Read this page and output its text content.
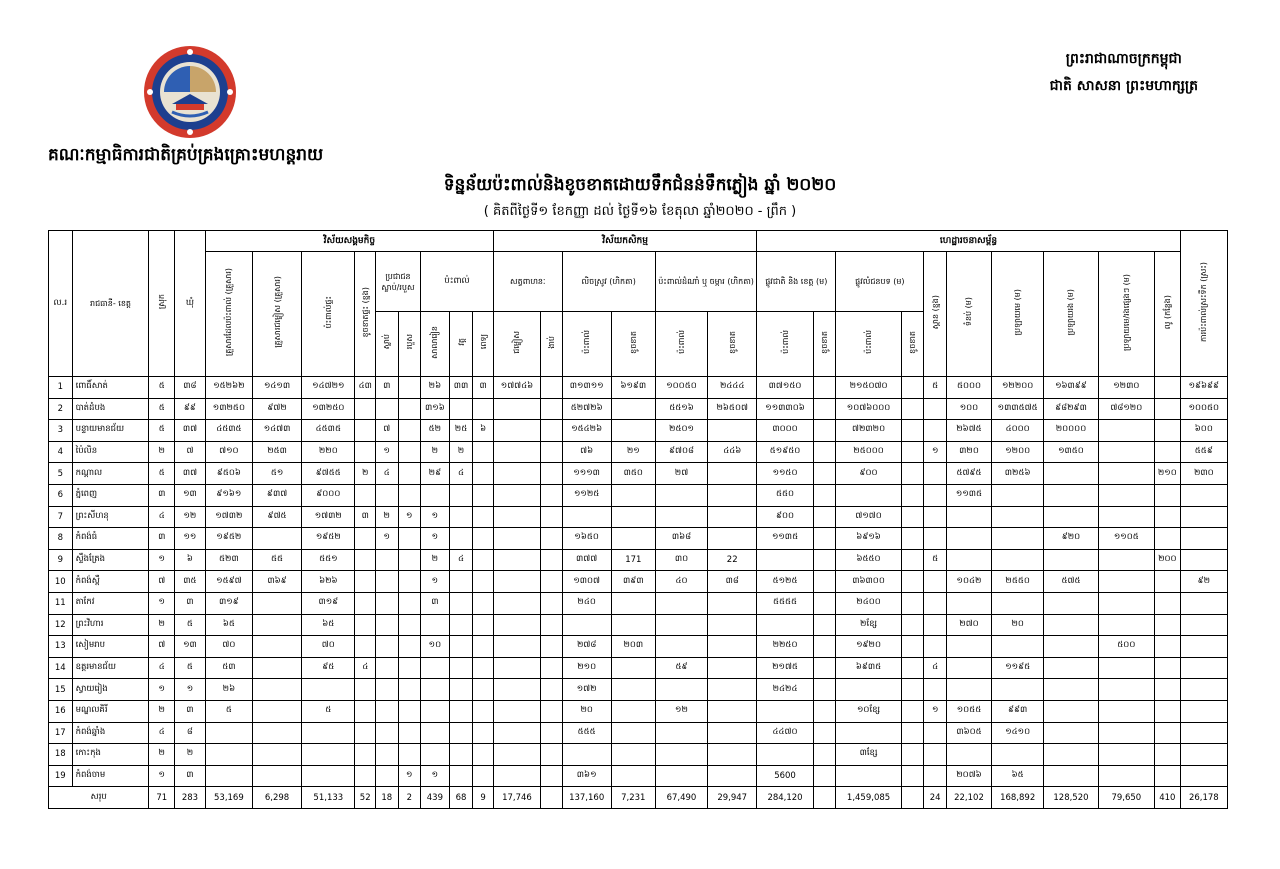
គណៈកម្មាធិការជាតិគ្រប់គ្រងគ្រោះមហន្តរាយ
ព្រះរាជាណាចក្រកម្ពុជា
ជាតិ សាសនា ព្រះមហាក្សត្រ
ទិន្នន័យប៉ះពាល់និងខូចខាតដោយទឹកជំនន់ទឹកភ្លៀង ឆ្នាំ ២០២០
( គិតពីថ្ងៃទី១ ខែកញ្ញា ដល់ ថ្ងៃទី១៦ ខែតុលា ឆ្នាំ២០២០ - ព្រឹក )
ល.រ	រាជធានី- ខេត្ត	ស្រុក	ឃុំ	វិស័យសង្គមកិច្ច									វិស័យកសិកម្ម						ហេដ្ឋារចនាសម្ព័ន្ធ										ការប៉ះពាល់ស្រះទឹក (ស្រះ)
				គ្រួសារដែលប៉ះពាល់ (គ្រួសារ)	គ្រួសារជម្លៀស (គ្រួសារ)	ប៉ះពាល់ផ្ទះ	ខូចខាតផ្ទះ (ខ្នង)	ប្រជាជន ស្លាប់/របួស		ប៉ះពាល់			សត្វពាហនៈ		លិចស្រូវ (ហិកតា)		ប៉ះពាល់ដំណាំ ឬ ចម្ការ (ហិកតា)		ផ្លូវជាតិ និង ខេត្ត (ម)		ផ្លូវលំជនបទ (ម)		ស្ពាន (ខ្នង)	ទំនប់ (ម)	ប្រឡាយមេ (ម)	ប្រឡាយរង (ម)	ប្រឡាយមេ/រងផ្សេងៗ (ម)	លូ (កន្លែង)	
								ស្លាប់	របួស	សាលារៀន	វត្ត	ពេទ្យ	ជម្លៀស	ងាប់	ប៉ះពាល់	ខូចខាត	ប៉ះពាល់	ខូចខាត	ប៉ះពាល់	ខូចខាត	ប៉ះពាល់	ខូចខាត							
1	ពោធិ៍សាត់	៥	៣៨	១៥២៦២	១៤១៣	១៤៧២១	៤៣	៣		២៦	៣៣	៣	១៧៧៤៦		៣១៣១១	៦១៩៣	១០០៥០	២៤៤៤	៣៧១៥០		២១៥០៧០		៥	៥០០០	១២២០០	១៦៣៩៩	១២៣០		១៩៦៩៩
2	បាត់ដំបង	៥	៩៩	១៣២៥០	៩៧២	១៣២៥០				៣១៦					៥២៧២៦		៥៥១៦	២៦៥០៧	១១៣៣០៦		១០៧៦០០០			១០០	១៣៣៥៧៥	៩៨២៩៣	៧៨១២០		១០០៥០
3	បន្ទាយមានជ័យ	៥	៣៧	៤៥៣៥	១៤៧៣	៤៥៣៥		៧		៥២	២៥	៦			១៥៤២៦		២៥០១		៣០០០		៧២៣២០			២៦៧៥	៤០០០	២០០០០			៦០០
4	ប៉ៃលិន	២	៧	៧១០	២៥៣	២២០		១		២	២				៧៦	២១	៩៧០៨	៤៤៦	៥១៩៥០		២៥០០០		១	៣២០	១២០០	១៣៥០			៥៥៩
5	កណ្ដាល	៥	៣៧	៩៥០៦	៥១	៩៧៥៥	២	៤		២៩	៤				១១១៣	៣៥០	២៧		១១៥០		៩០០			៥៧៩៥	៣២៥៦			២១០	២៣០
6	ភ្នំពេញ	៣	១៣	៩១៦១	៩៣៧	៩០០០									១១២៥				៥៥០					១១៣៥					
7	ព្រះសីហនុ	៤	១២	១៧៣២	៩៧៥	១៧៣២	៣	២	១	១									៩០០		៧១៧០								
8	កំពង់ធំ	៣	១១	១៩៥២		១៩៥២		១		១					១៦៥០		៣៦៨		១១៣៥		៦៩១៦					៩២០	១១០៥		
9	ស្ទឹងត្រែង	១	៦	៥២៣	៥៥	៥៥១				២	៤				៣៧៧	171	៣០	22			៦៥៥០		៥					២០០	
10	កំពង់ស្ពឺ	៧	៣៥	១៥៩៧	៣៦៩	៦២៦				១					១៣០៧	៣៩៣	៤០	៣៨	៥១២៥		៣៦៣០០			១០៤២	២៥៥០	៥៧៥			៩២
11	តាកែវ	១	៣	៣១៩		៣១៩				៣					២៤០				៥៥៥៥		២៤០០								
12	ព្រះវិហារ	២	៥	៦៥		៦៥															២ខ្សែ			២៧០	២០				
13	សៀមរាប	៧	១៣	៧០		៧០				១០					២៧៨	២០៣			២២៥០		១៩២០						៥០០		
14	ឧត្ដរមានជ័យ	៤	៥	៥៣		៩៥	៤								២១០		៥៩		២១៧៥		៦៩៣៥		៤		១១៩៥				
15	ស្វាយរៀង	១	១	២៦											១៧២				២៤២៤										
16	មណ្ឌលគិរី	២	៣	៥		៥									២០		១២				១០ខ្សែ		១	១០៥៥	៩៩៣				
17	កំពង់ឆ្នាំង	៤	៨												៥៥៥				៤៤៧០					៣៦០៥	១៤១០				
18	កោះកុង	២	២																		៣ខ្សែ								
19	កំពង់ចាម	១	៣						១	១					៣៦១				5600					២០៧៦	៦៥				
សរុប		71	283	53,169	6,298	51,133	52	18	2	439	68	9	17,746		137,160	7,231	67,490	29,947	284,120		1,459,085		24	22,102	168,892	128,520	79,650	410	26,178
